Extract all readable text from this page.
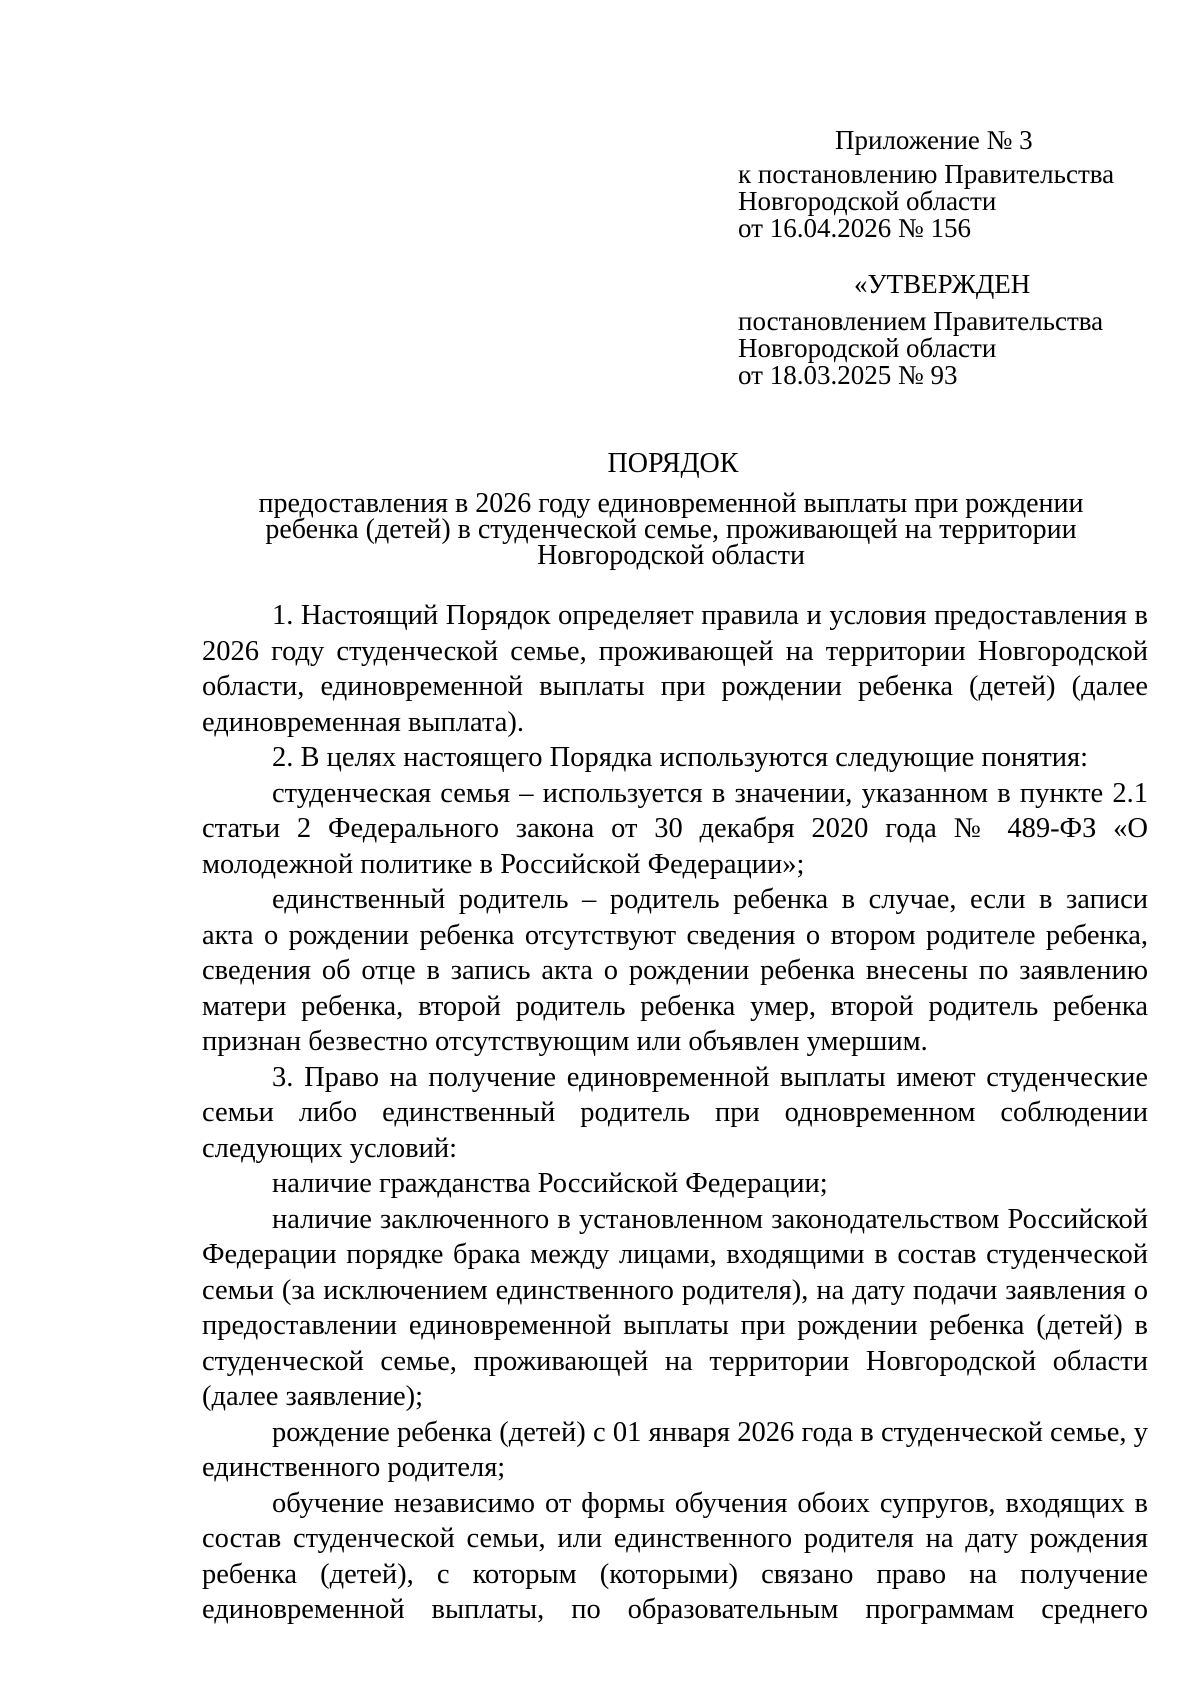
Приложение № 3

к постановлению Правительства

Новгородской области

от 16.04.2026 № 156

«УТВЕРЖДЕН

постановлением Правительства

Новгородской области

от 18.03.2025 № 93

ПОРЯДОК

предоставления в 2026 году единовременной выплаты при рождении

ребенка (детей) в студенческой семье, проживающей на территории

Новгородской области

1. Настоящий Порядок определяет правила и условия предоставления в 2026 году студенческой семье, проживающей на территории Новгородской области, единовременной выплаты при рождении ребенка (детей) (далее единовременная выплата).

2. В целях настоящего Порядка используются следующие понятия:

студенческая семья – используется в значении, указанном в пункте 2.1 статьи 2 Федерального закона от 30 декабря 2020 года № 489-ФЗ «О молодежной политике в Российской Федерации»;

единственный родитель – родитель ребенка в случае, если в записи акта о рождении ребенка отсутствуют сведения о втором родителе ребенка, сведения об отце в запись акта о рождении ребенка внесены по заявлению матери ребенка, второй родитель ребенка умер, второй родитель ребенка признан безвестно отсутствующим или объявлен умершим.

3. Право на получение единовременной выплаты имеют студенческие семьи либо единственный родитель при одновременном соблюдении следующих условий:

наличие гражданства Российской Федерации;

наличие заключенного в установленном законодательством Российской Федерации порядке брака между лицами, входящими в состав студенческой семьи (за исключением единственного родителя), на дату подачи заявления о предоставлении единовременной выплаты при рождении ребенка (детей) в студенческой семье, проживающей на территории Новгородской области (далее заявление);

рождение ребенка (детей) с 01 января 2026 года в студенческой семье, у единственного родителя;

обучение независимо от формы обучения обоих супругов, входящих в состав студенческой семьи, или единственного родителя на дату рождения ребенка (детей), с которым (которыми) связано право на получение единовременной выплаты, по образовательным программам среднего
